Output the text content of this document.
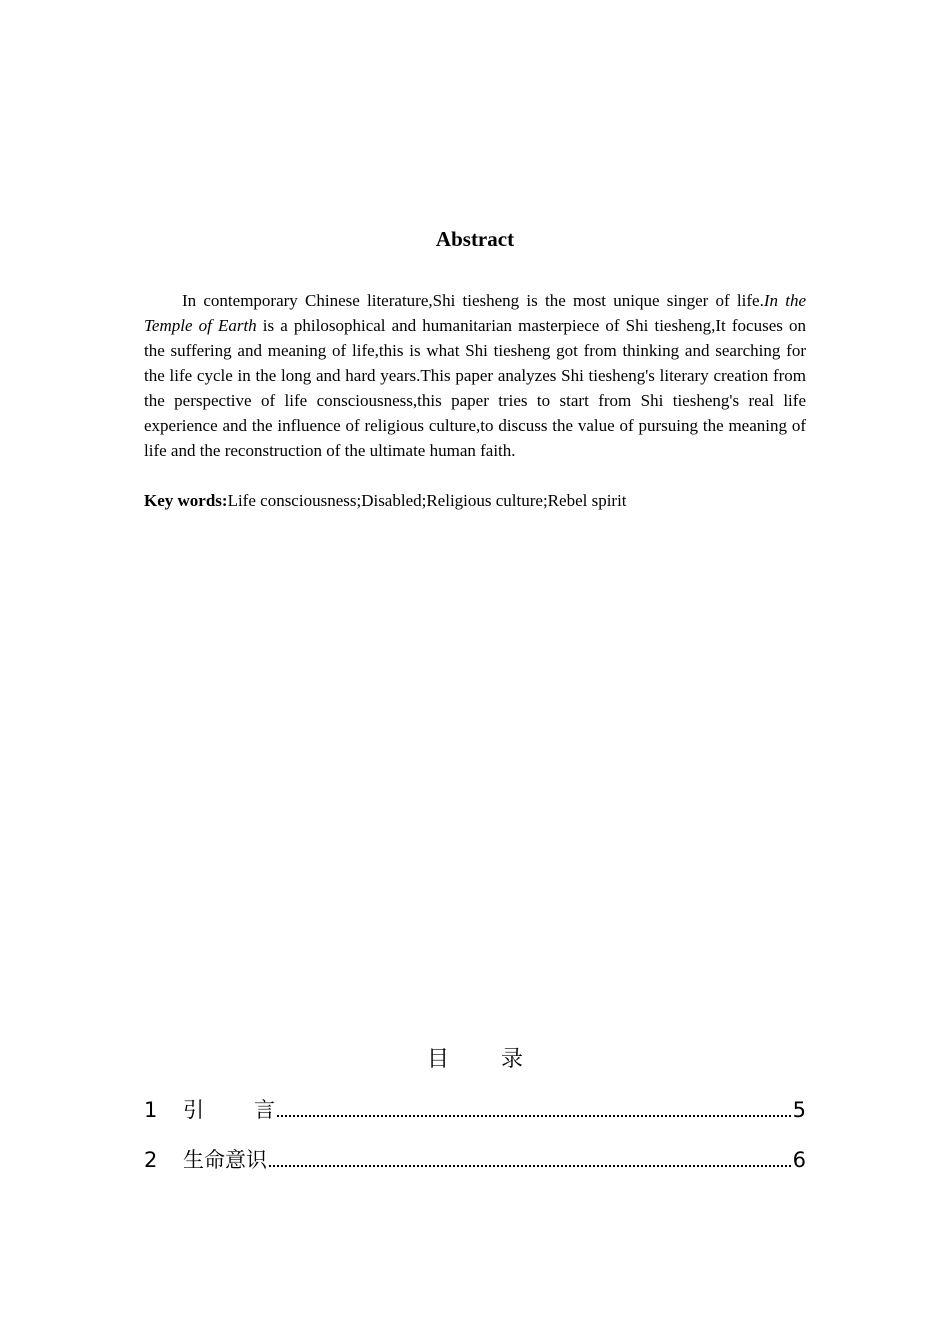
Abstract

In contemporary Chinese literature,Shi tiesheng is the most unique singer of life.In the Temple of Earth is a philosophical and humanitarian masterpiece of Shi tiesheng,It focuses on the suffering and meaning of life,this is what Shi tiesheng got from thinking and searching for the life cycle in the long and hard years.This paper analyzes Shi tiesheng's literary creation from the perspective of life consciousness,this paper tries to start from Shi tiesheng's real life experience and the influence of religious culture,to discuss the value of pursuing the meaning of life and the reconstruction of the ultimate human faith.

Key words:Life consciousness;Disabled;Religious culture;Rebel spirit
目录
1	引言	5
2	生命意识	6
